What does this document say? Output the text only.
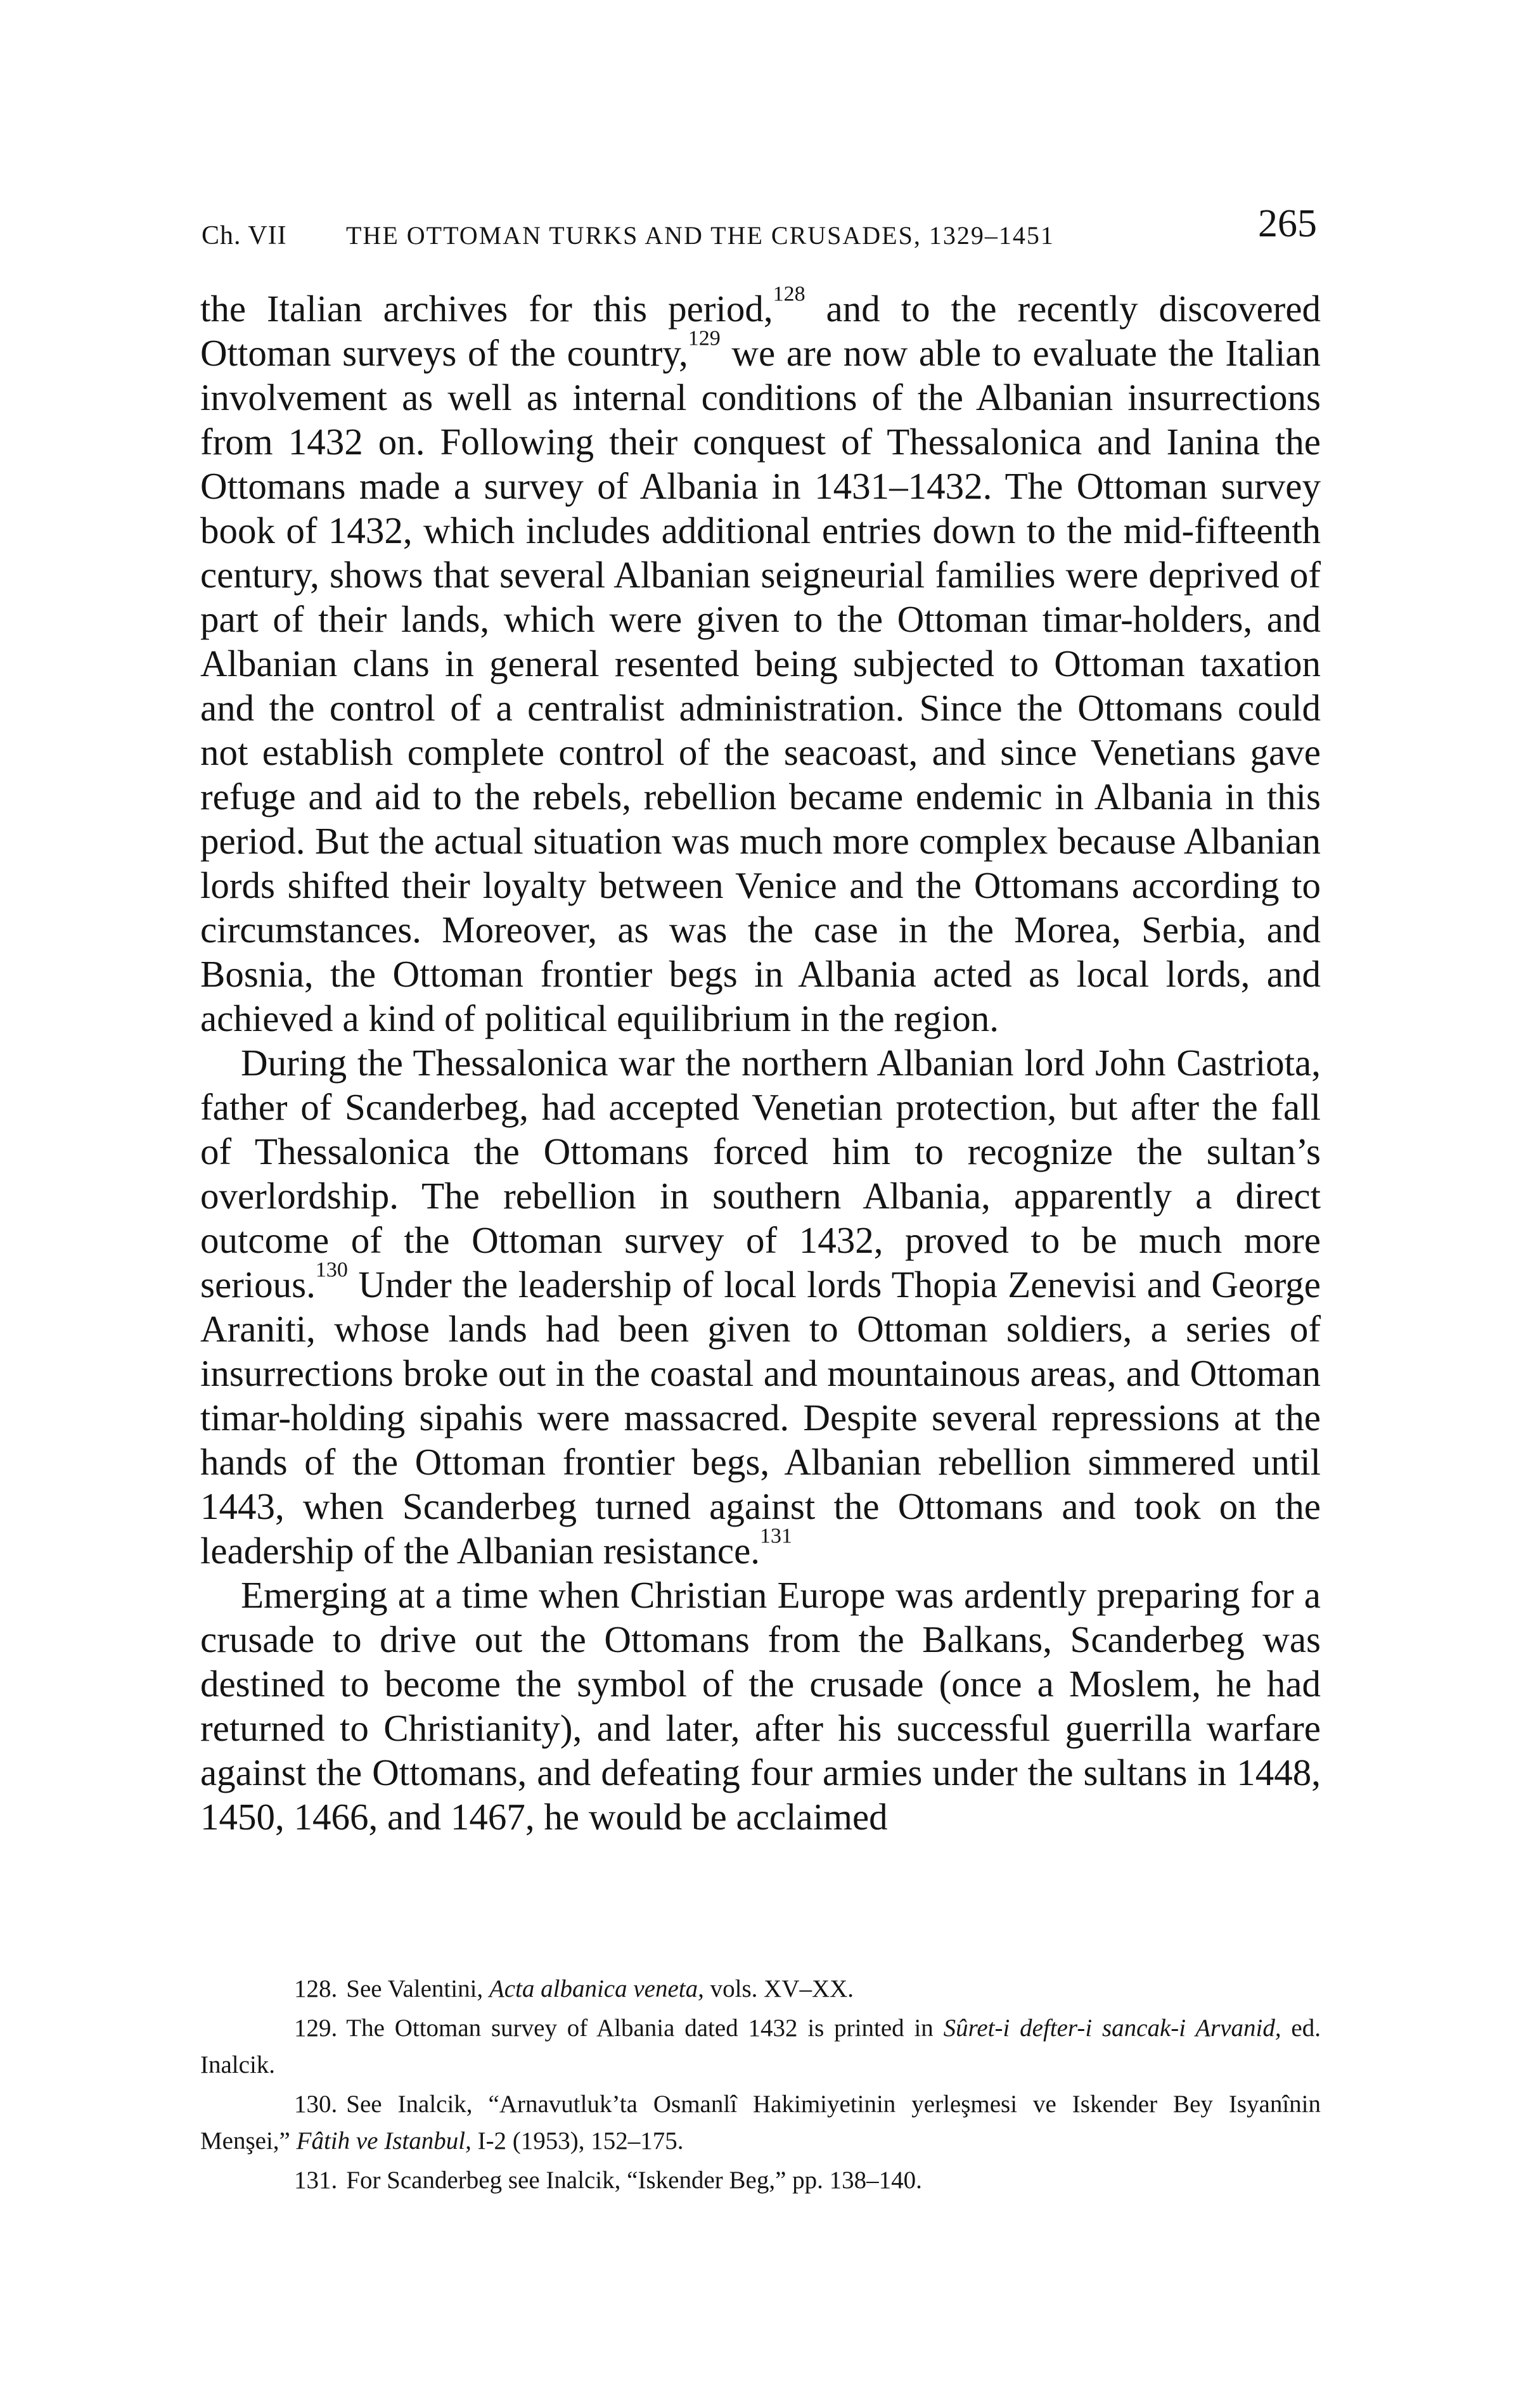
Ch. VII THE OTTOMAN TURKS AND THE CRUSADES, 1329–1451	265

the Italian archives for this period,$^{128}$ and to the recently discovered Ottoman surveys of the country,$^{129}$ we are now able to evaluate the Italian involvement as well as internal conditions of the Albanian insurrections from 1432 on. Following their conquest of Thessalonica and Ianina the Ottomans made a survey of Albania in 1431–1432. The Ottoman survey book of 1432, which includes additional entries down to the mid-fifteenth century, shows that several Albanian seigneurial families were deprived of part of their lands, which were given to the Ottoman timar-holders, and Albanian clans in general resented being subjected to Ottoman taxation and the control of a centralist administration. Since the Ottomans could not establish complete control of the seacoast, and since Venetians gave refuge and aid to the rebels, rebellion became endemic in Albania in this period. But the actual situation was much more complex because Albanian lords shifted their loyalty between Venice and the Ottomans according to circumstances. Moreover, as was the case in the Morea, Serbia, and Bosnia, the Ottoman frontier begs in Albania acted as local lords, and achieved a kind of political equilibrium in the region.

During the Thessalonica war the northern Albanian lord John Castriota, father of Scanderbeg, had accepted Venetian protection, but after the fall of Thessalonica the Ottomans forced him to recognize the sultan’s overlordship. The rebellion in southern Albania, apparently a direct outcome of the Ottoman survey of 1432, proved to be much more serious.$^{130}$ Under the leadership of local lords Thopia Zenevisi and George Araniti, whose lands had been given to Ottoman soldiers, a series of insurrections broke out in the coastal and mountainous areas, and Ottoman timar-holding sipahis were massacred. Despite several repressions at the hands of the Ottoman frontier begs, Albanian rebellion simmered until 1443, when Scanderbeg turned against the Ottomans and took on the leadership of the Albanian resistance.$^{131}$

Emerging at a time when Christian Europe was ardently preparing for a crusade to drive out the Ottomans from the Balkans, Scanderbeg was destined to become the symbol of the crusade (once a Moslem, he had returned to Christianity), and later, after his successful guerrilla warfare against the Ottomans, and defeating four armies under the sultans in 1448, 1450, 1466, and 1467, he would be acclaimed

128. See Valentini, Acta albanica veneta, vols. XV–XX.

129. The Ottoman survey of Albania dated 1432 is printed in Sûret-i defter-i sancak-i Arvanid, ed. Inalcik.

130. See Inalcik, “Arnavutluk’ta Osmanlî Hakimiyetinin yerleşmesi ve Iskender Bey Isyanînin Menşei,” Fâtih ve Istanbul, I-2 (1953), 152–175.

131. For Scanderbeg see Inalcik, “Iskender Beg,” pp. 138–140.
